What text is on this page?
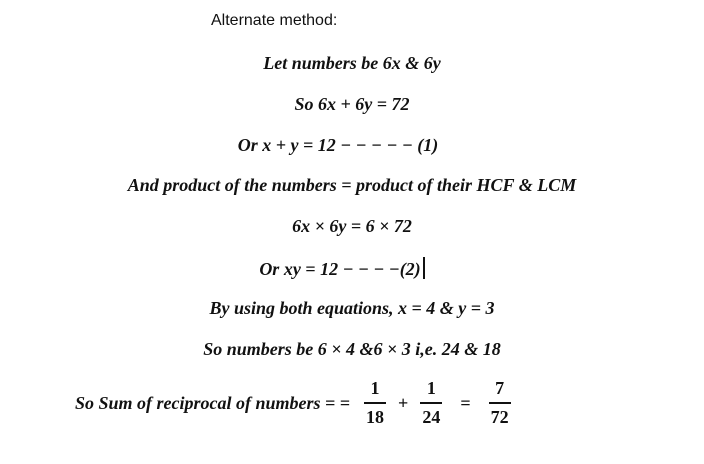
Alternate method:
Let numbers be 6x & 6y
So 6x + 6y = 72
Or x + y = 12 − − − − − (1)
And product of the numbers = product of their HCF & LCM
6x × 6y = 6 × 72
Or xy = 12 − − − −(2)
By using both equations, x = 4 & y = 3
So numbers be 6 × 4 &6 × 3 i,e. 24 & 18
So Sum of reciprocal of numbers = = $\frac{1}{18} + \frac{1}{24} = \frac{7}{72}$
